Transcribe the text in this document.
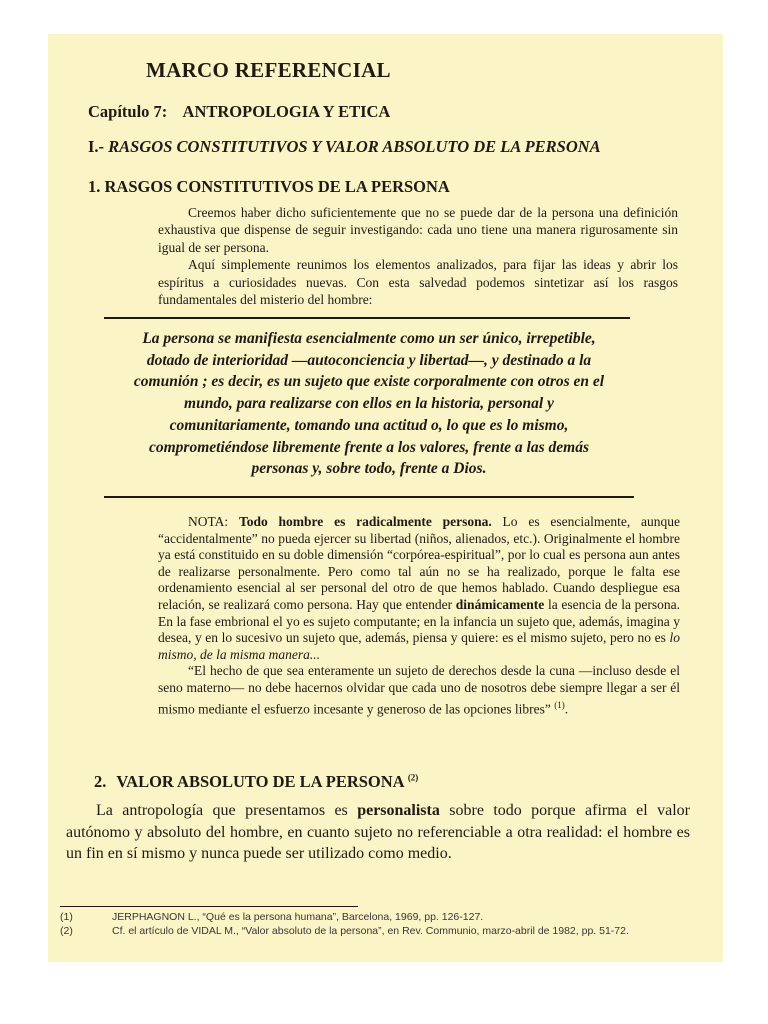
MARCO REFERENCIAL
Capítulo 7: ANTROPOLOGIA Y ETICA
I.- RASGOS CONSTITUTIVOS Y VALOR ABSOLUTO DE LA PERSONA
1. RASGOS CONSTITUTIVOS DE LA PERSONA

Creemos haber dicho suficientemente que no se puede dar de la persona una definición exhaustiva que dispense de seguir investigando: cada uno tiene una manera rigurosamente sin igual de ser persona.

Aquí simplemente reunimos los elementos analizados, para fijar las ideas y abrir los espíritus a curiosidades nuevas. Con esta salvedad podemos sintetizar así los rasgos fundamentales del misterio del hombre:

La persona se manifiesta esencialmente como un ser único, irrepetible, dotado de interioridad —autoconciencia y libertad—, y destinado a la comunión ; es decir, es un sujeto que existe corporalmente con otros en el mundo, para realizarse con ellos en la historia, personal y comunitariamente, tomando una actitud o, lo que es lo mismo, comprometiéndose libremente frente a los valores, frente a las demás personas y, sobre todo, frente a Dios.

NOTA: Todo hombre es radicalmente persona. Lo es esencialmente, aunque “accidentalmente” no pueda ejercer su libertad (niños, alienados, etc.). Originalmente el hombre ya está constituido en su doble dimensión “corpórea-espiritual”, por lo cual es persona aun antes de realizarse personalmente. Pero como tal aún no se ha realizado, porque le falta ese ordenamiento esencial al ser personal del otro de que hemos hablado. Cuando despliegue esa relación, se realizará como persona. Hay que entender dinámicamente la esencia de la persona. En la fase embrional el yo es sujeto computante; en la infancia un sujeto que, además, imagina y desea, y en lo sucesivo un sujeto que, además, piensa y quiere: es el mismo sujeto, pero no es lo mismo, de la misma manera...

“El hecho de que sea enteramente un sujeto de derechos desde la cuna —incluso desde el seno materno— no debe hacernos olvidar que cada uno de nosotros debe siempre llegar a ser él mismo mediante el esfuerzo incesante y generoso de las opciones libres” $^{(1)}$.

2. VALOR ABSOLUTO DE LA PERSONA $^{(2)}$

La antropología que presentamos es personalista sobre todo porque afirma el valor autónomo y absoluto del hombre, en cuanto sujeto no referenciable a otra realidad: el hombre es un fin en sí mismo y nunca puede ser utilizado como medio.

(1)	JERPHAGNON L., “Qué es la persona humana”, Barcelona, 1969, pp. 126-127.
(2)	Cf. el artículo de VIDAL M., “Valor absoluto de la persona”, en Rev. Communio, marzo-abril de 1982, pp. 51-72.
